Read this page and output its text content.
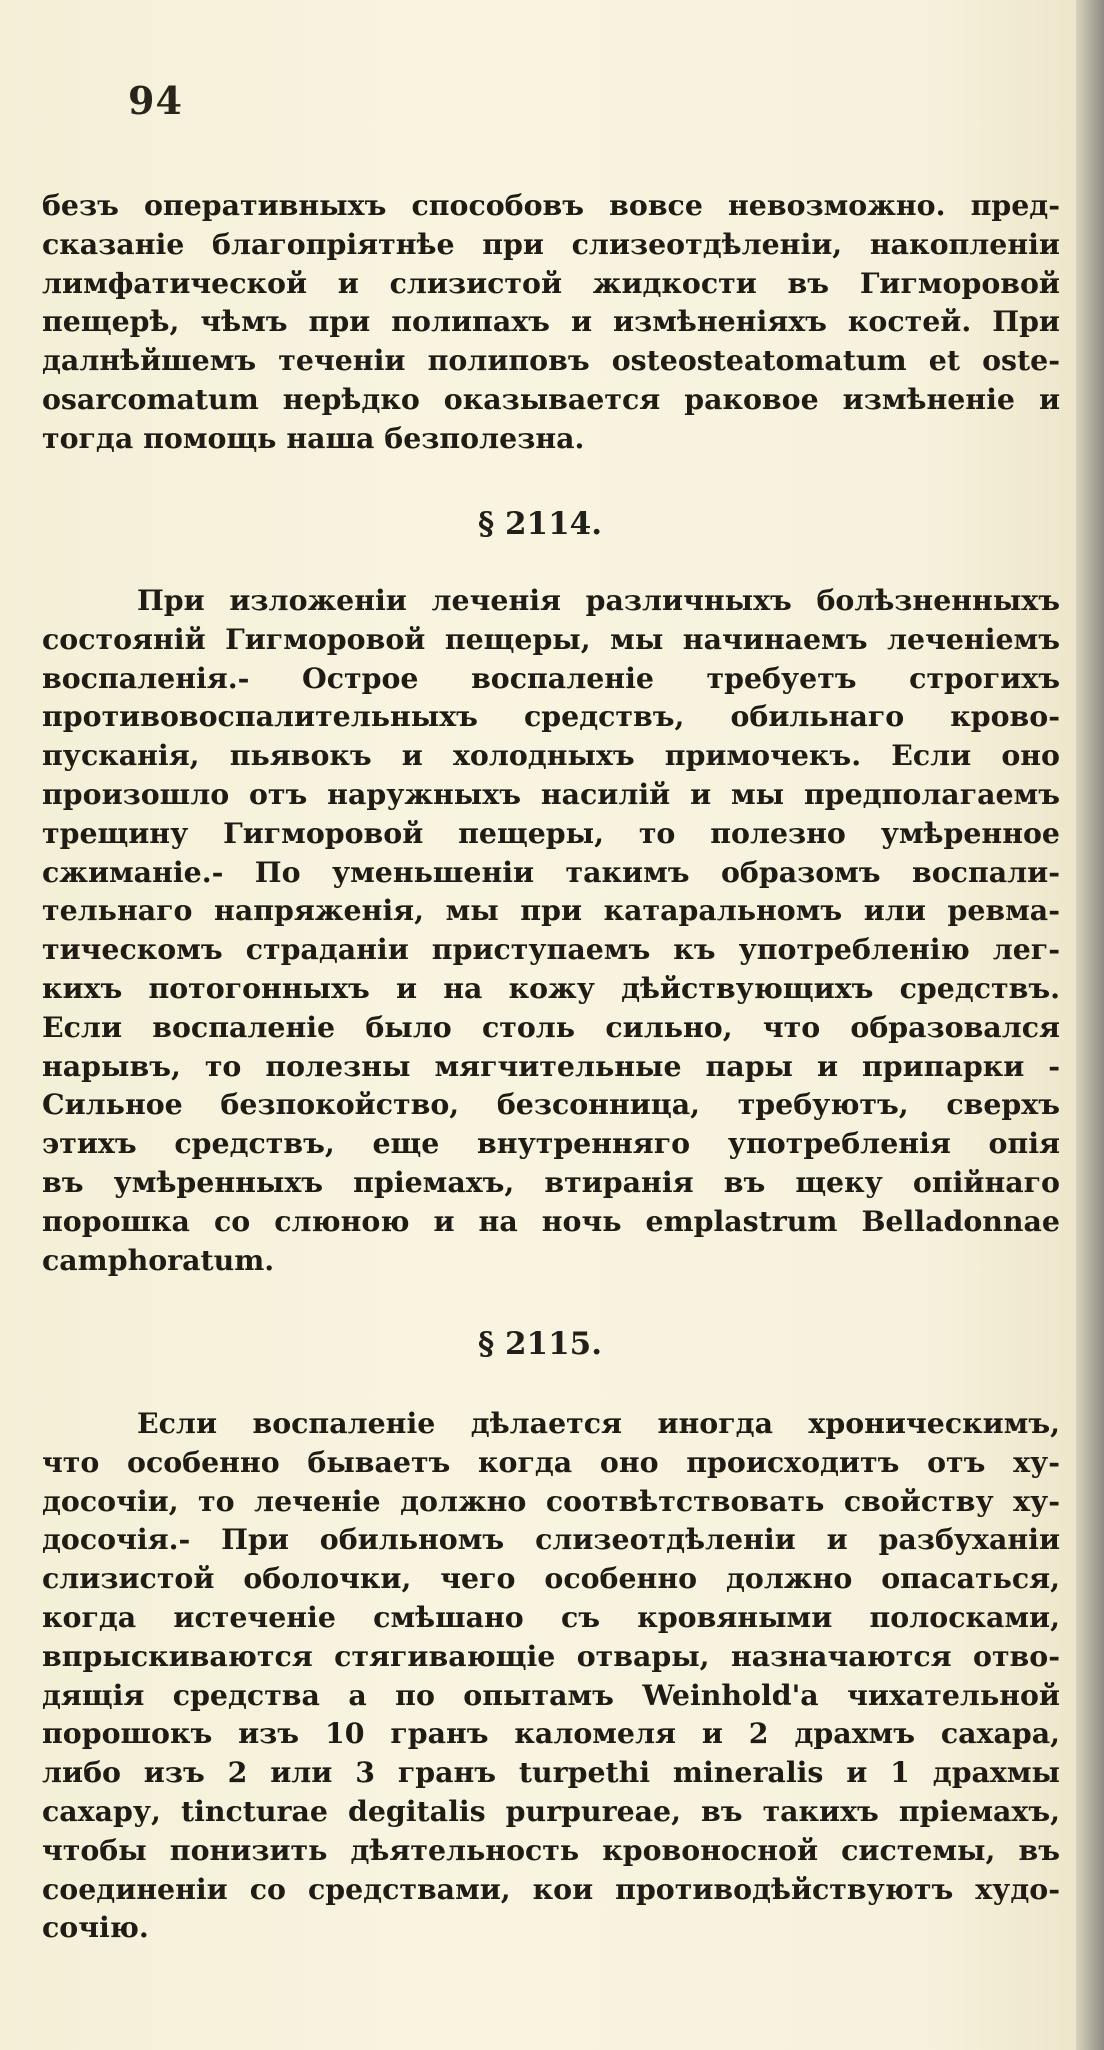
94
безъ оперативныхъ способовъ вовсе невозможно. пред-
сказаніе благопріятнѣе при слизеотдѣленіи, накопленіи
лимфатической и слизистой жидкости въ Гигморовой
пещерѣ, чѣмъ при полипахъ и измѣненіяхъ костей. При
далнѣйшемъ теченіи полиповъ osteosteatomatum et oste-
osarcomatum нерѣдко оказывается раковое измѣненіе и
тогда помощь наша безполезна.
§ 2114.
При изложеніи леченія различныхъ болѣзненныхъ
состояній Гигморовой пещеры, мы начинаемъ леченіемъ
воспаленія.- Острое воспаленіе требуетъ строгихъ
противовоспалительныхъ средствъ, обильнаго крово-
пусканія, пьявокъ и холодныхъ примочекъ. Если оно
произошло отъ наружныхъ насилій и мы предполагаемъ
трещину Гигморовой пещеры, то полезно умѣренное
сжиманіе.- По уменьшеніи такимъ образомъ воспали-
тельнаго напряженія, мы при катаральномъ или ревма-
тическомъ страданіи приступаемъ къ употребленію лег-
кихъ потогонныхъ и на кожу дѣйствующихъ средствъ.
Если воспаленіе было столь сильно, что образовался
нарывъ, то полезны мягчительные пары и припарки -
Сильное безпокойство, безсонница, требуютъ, сверхъ
этихъ средствъ, еще внутренняго употребленія опія
въ умѣренныхъ пріемахъ, втиранія въ щеку опійнаго
порошка со слюною и на ночь emplastrum Belladonnae
camphoratum.
§ 2115.
Если воспаленіе дѣлается иногда хроническимъ,
что особенно бываетъ когда оно происходитъ отъ ху-
досочіи, то леченіе должно соотвѣтствовать свойству ху-
досочія.- При обильномъ слизеотдѣленіи и разбуханіи
слизистой оболочки, чего особенно должно опасаться,
когда истеченіе смѣшано съ кровяными полосками,
впрыскиваются стягивающіе отвары, назначаются отво-
дящія средства а по опытамъ Weinhold'a чихательной
порошокъ изъ 10 гранъ каломеля и 2 драхмъ сахара,
либо изъ 2 или 3 гранъ turpethi mineralis и 1 драхмы
сахару, tincturae degitalis purpureae, въ такихъ пріемахъ,
чтобы понизить дѣятельность кровоносной системы, въ
соединеніи со средствами, кои противодѣйствуютъ худо-
сочію.
